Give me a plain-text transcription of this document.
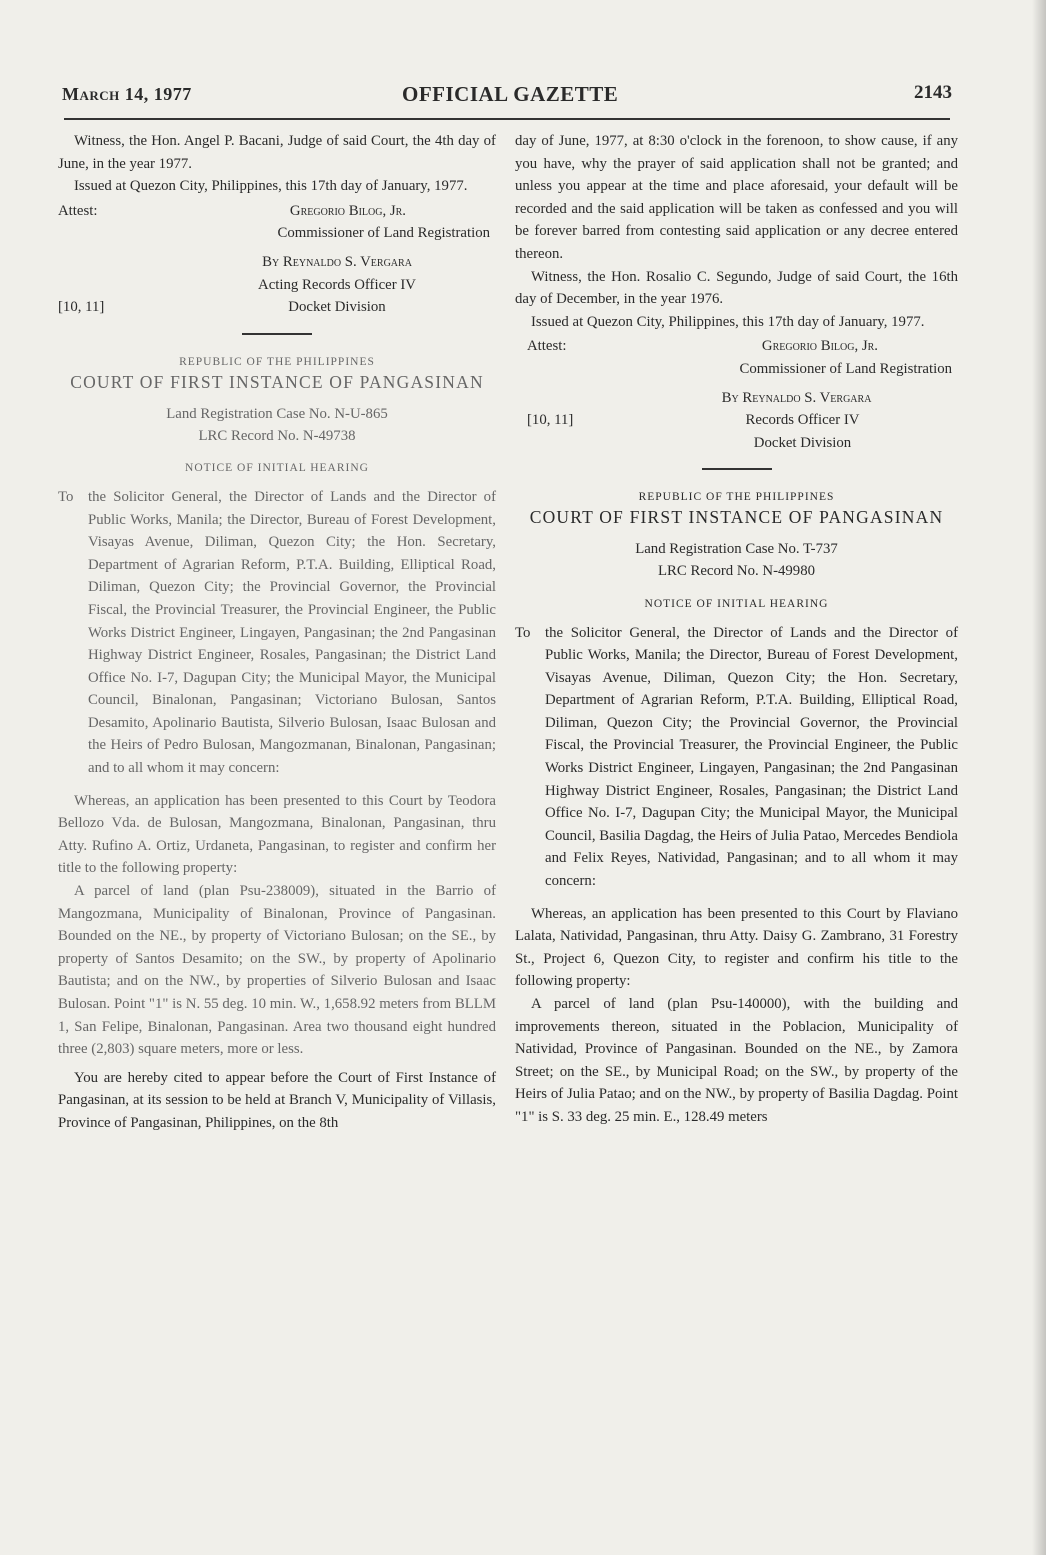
March 14, 1977	OFFICIAL GAZETTE	2143

Witness, the Hon. Angel P. Bacani, Judge of said Court, the 4th day of June, in the year 1977.

Issued at Quezon City, Philippines, this 17th day of January, 1977.

Attest:	Gregorio Bilog, Jr.
Commissioner of Land Registration
By Reynaldo S. Vergara
[10, 11]
Acting Records Officer IV
Docket Division
REPUBLIC OF THE PHILIPPINES
COURT OF FIRST INSTANCE OF PANGASINAN
Land Registration Case No. N-U-865
LRC Record No. N-49738
NOTICE OF INITIAL HEARING
To the Solicitor General, the Director of Lands and the Director of Public Works, Manila; the Director, Bureau of Forest Development, Visayas Avenue, Diliman, Quezon City; the Hon. Secretary, Department of Agrarian Reform, P.T.A. Building, Elliptical Road, Diliman, Quezon City; the Provincial Governor, the Provincial Fiscal, the Provincial Treasurer, the Provincial Engineer, the Public Works District Engineer, Lingayen, Pangasinan; the 2nd Pangasinan Highway District Engineer, Rosales, Pangasinan; the District Land Office No. I-7, Dagupan City; the Municipal Mayor, the Municipal Council, Binalonan, Pangasinan; Victoriano Bulosan, Santos Desamito, Apolinario Bautista, Silverio Bulosan, Isaac Bulosan and the Heirs of Pedro Bulosan, Mangozmanan, Binalonan, Pangasinan; and to all whom it may concern:

Whereas, an application has been presented to this Court by Teodora Bellozo Vda. de Bulosan, Mangozmana, Binalonan, Pangasinan, thru Atty. Rufino A. Ortiz, Urdaneta, Pangasinan, to register and confirm her title to the following property:

A parcel of land (plan Psu-238009), situated in the Barrio of Mangozmana, Municipality of Binalonan, Province of Pangasinan. Bounded on the NE., by property of Victoriano Bulosan; on the SE., by property of Santos Desamito; on the SW., by property of Apolinario Bautista; and on the NW., by properties of Silverio Bulosan and Isaac Bulosan. Point "1" is N. 55 deg. 10 min. W., 1,658.92 meters from BLLM 1, San Felipe, Binalonan, Pangasinan. Area two thousand eight hundred three (2,803) square meters, more or less.

You are hereby cited to appear before the Court of First Instance of Pangasinan, at its session to be held at Branch V, Municipality of Villasis, Province of Pangasinan, Philippines, on the 8th

day of June, 1977, at 8:30 o'clock in the forenoon, to show cause, if any you have, why the prayer of said application shall not be granted; and unless you appear at the time and place aforesaid, your default will be recorded and the said application will be taken as confessed and you will be forever barred from contesting said application or any decree entered thereon.

Witness, the Hon. Rosalio C. Segundo, Judge of said Court, the 16th day of December, in the year 1976.

Issued at Quezon City, Philippines, this 17th day of January, 1977.

Attest:	Gregorio Bilog, Jr.
Commissioner of Land Registration
By Reynaldo S. Vergara
[10, 11]	Records Officer IV
Docket Division
REPUBLIC OF THE PHILIPPINES
COURT OF FIRST INSTANCE OF PANGASINAN
Land Registration Case No. T-737
LRC Record No. N-49980
NOTICE OF INITIAL HEARING
To the Solicitor General, the Director of Lands and the Director of Public Works, Manila; the Director, Bureau of Forest Development, Visayas Avenue, Diliman, Quezon City; the Hon. Secretary, Department of Agrarian Reform, P.T.A. Building, Elliptical Road, Diliman, Quezon City; the Provincial Governor, the Provincial Fiscal, the Provincial Treasurer, the Provincial Engineer, the Public Works District Engineer, Lingayen, Pangasinan; the 2nd Pangasinan Highway District Engineer, Rosales, Pangasinan; the District Land Office No. I-7, Dagupan City; the Municipal Mayor, the Municipal Council, Basilia Dagdag, the Heirs of Julia Patao, Mercedes Bendiola and Felix Reyes, Natividad, Pangasinan; and to all whom it may concern:

Whereas, an application has been presented to this Court by Flaviano Lalata, Natividad, Pangasinan, thru Atty. Daisy G. Zambrano, 31 Forestry St., Project 6, Quezon City, to register and confirm his title to the following property:

A parcel of land (plan Psu-140000), with the building and improvements thereon, situated in the Poblacion, Municipality of Natividad, Province of Pangasinan. Bounded on the NE., by Zamora Street; on the SE., by Municipal Road; on the SW., by property of the Heirs of Julia Patao; and on the NW., by property of Basilia Dagdag. Point "1" is S. 33 deg. 25 min. E., 128.49 meters
